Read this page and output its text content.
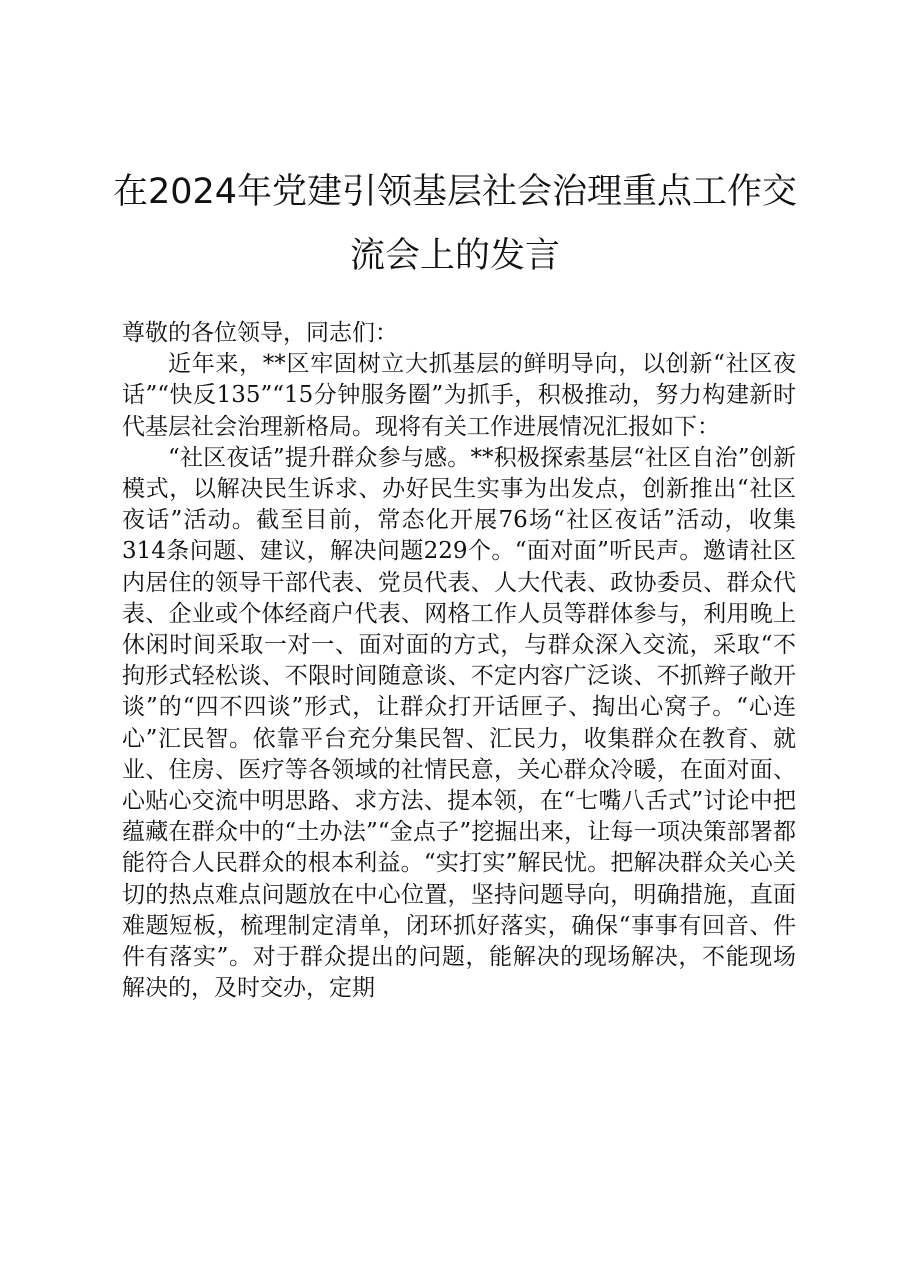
在2024年党建引领基层社会治理重点工作交流会上的发言

尊敬的各位领导，同志们：

近年来，**区牢固树立大抓基层的鲜明导向，以创新“社区夜话”“快反135”“15分钟服务圈”为抓手，积极推动，努力构建新时代基层社会治理新格局。现将有关工作进展情况汇报如下：

“社区夜话”提升群众参与感。**积极探索基层“社区自治”创新模式，以解决民生诉求、办好民生实事为出发点，创新推出“社区夜话”活动。截至目前，常态化开展76场“社区夜话”活动，收集314条问题、建议，解决问题229个。“面对面”听民声。邀请社区内居住的领导干部代表、党员代表、人大代表、政协委员、群众代表、企业或个体经商户代表、网格工作人员等群体参与，利用晚上休闲时间采取一对一、面对面的方式，与群众深入交流，采取“不拘形式轻松谈、不限时间随意谈、不定内容广泛谈、不抓辫子敞开谈”的“四不四谈”形式，让群众打开话匣子、掏出心窝子。“心连心”汇民智。依靠平台充分集民智、汇民力，收集群众在教育、就业、住房、医疗等各领域的社情民意，关心群众冷暖，在面对面、心贴心交流中明思路、求方法、提本领，在“七嘴八舌式”讨论中把蕴藏在群众中的“土办法”“金点子”挖掘出来，让每一项决策部署都能符合人民群众的根本利益。“实打实”解民忧。把解决群众关心关切的热点难点问题放在中心位置，坚持问题导向，明确措施，直面难题短板，梳理制定清单，闭环抓好落实，确保“事事有回音、件件有落实”。对于群众提出的问题，能解决的现场解决，不能现场解决的，及时交办，定期
